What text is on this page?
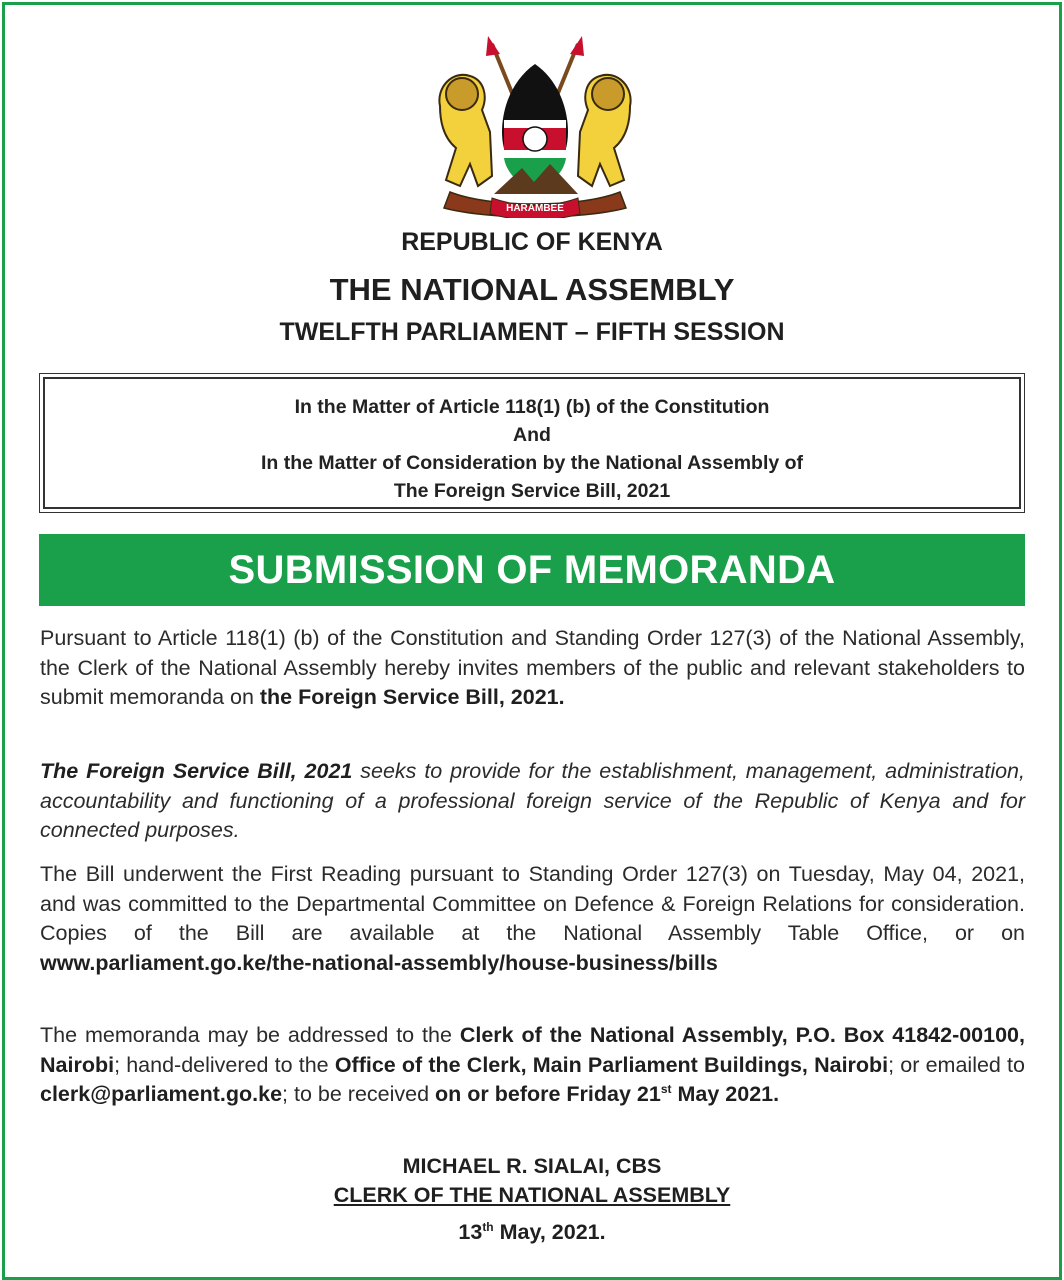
HARAMBEE
REPUBLIC OF KENYA
THE NATIONAL ASSEMBLY
TWELFTH PARLIAMENT – FIFTH SESSION
In the Matter of Article 118(1) (b) of the Constitution
And
In the Matter of Consideration by the National Assembly of
The Foreign Service Bill, 2021
SUBMISSION OF MEMORANDA

Pursuant to Article 118(1) (b) of the Constitution and Standing Order 127(3) of the National Assembly, the Clerk of the National Assembly hereby invites members of the public and relevant stakeholders to submit memoranda on the Foreign Service Bill, 2021.

The Foreign Service Bill, 2021 seeks to provide for the establishment, management, administration, accountability and functioning of a professional foreign service of the Republic of Kenya and for connected purposes.

The Bill underwent the First Reading pursuant to Standing Order 127(3) on Tuesday, May 04, 2021, and was committed to the Departmental Committee on Defence & Foreign Relations for consideration. Copies of the Bill are available at the National Assembly Table Office, or on www.parliament.go.ke/the-national-assembly/house-business/bills

The memoranda may be addressed to the Clerk of the National Assembly, P.O. Box 41842-00100, Nairobi; hand-delivered to the Office of the Clerk, Main Parliament Buildings, Nairobi; or emailed to clerk@parliament.go.ke; to be received on or before Friday 21st May 2021.

MICHAEL R. SIALAI, CBS
CLERK OF THE NATIONAL ASSEMBLY
13th May, 2021.
